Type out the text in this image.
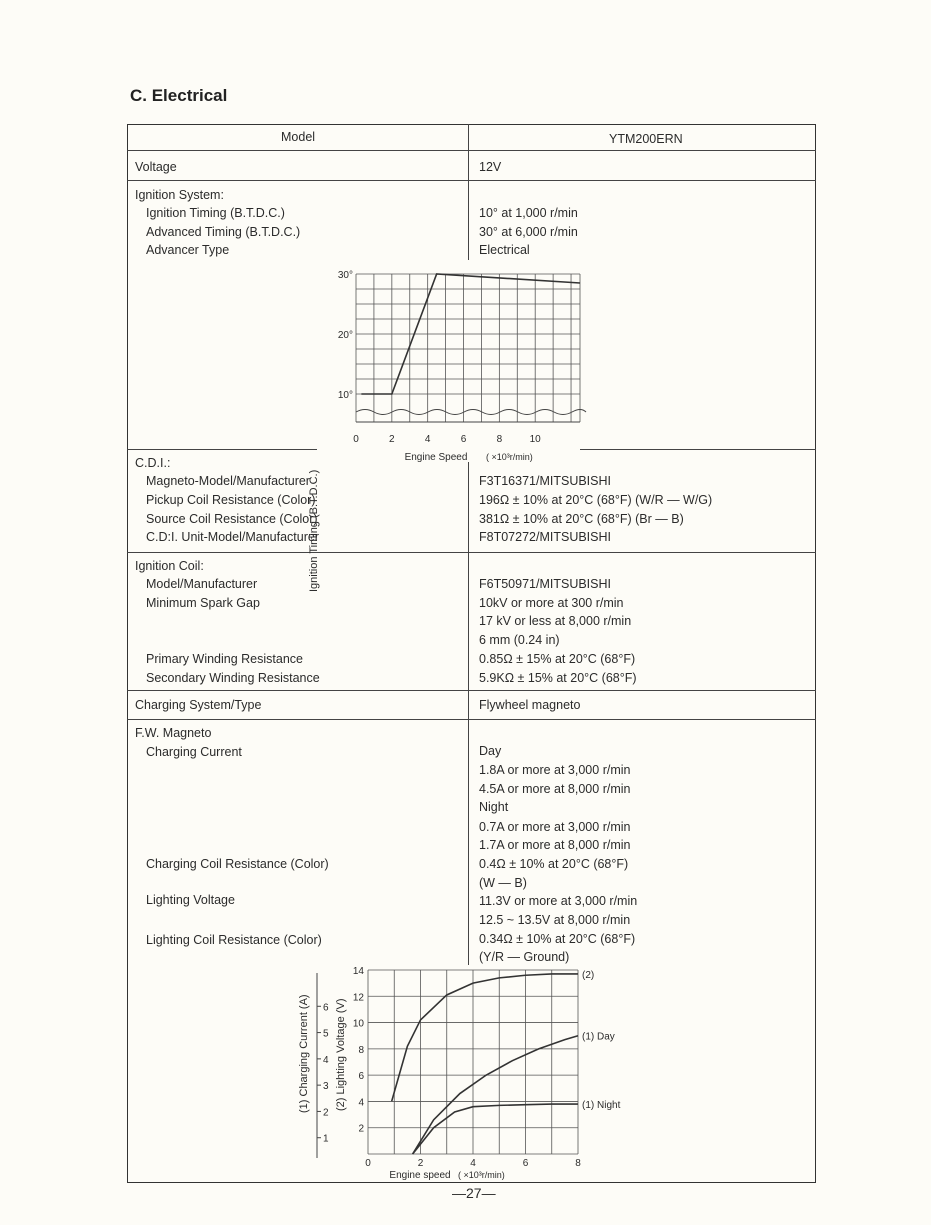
C. Electrical
Model	YTM200ERN
Voltage	12V
Ignition System:
Ignition Timing (B.T.D.C.)	10° at 1,000 r/min
Advanced Timing (B.T.D.C.)	30° at 6,000 r/min
Advancer Type	Electrical
10°
20°
30°
0	2	4	6	8	10
Engine Speed ( ×10³r/min)
Ignition Timing (B.T.D.C.)
C.D.I.:
Magneto-Model/Manufacturer	F3T16371/MITSUBISHI
Pickup Coil Resistance (Color)	196Ω ± 10% at 20°C (68°F) (W/R — W/G)
Source Coil Resistance (Color)	381Ω ± 10% at 20°C (68°F) (Br — B)
C.D:I. Unit-Model/Manufacturer	F8T07272/MITSUBISHI
Ignition Coil:
Model/Manufacturer	F6T50971/MITSUBISHI
Minimum Spark Gap	10kV or more at 300 r/min
17 kV or less at 8,000 r/min
6 mm (0.24 in)
Primary Winding Resistance	0.85Ω ± 15% at 20°C (68°F)
Secondary Winding Resistance	5.9KΩ ± 15% at 20°C (68°F)
Charging System/Type	Flywheel magneto
F.W. Magneto
Charging Current	Day
1.8A or more at 3,000 r/min
4.5A or more at 8,000 r/min
Night
0.7A or more at 3,000 r/min
1.7A or more at 8,000 r/min
Charging Coil Resistance (Color)	0.4Ω ± 10% at 20°C (68°F)
(W — B)
Lighting Voltage	11.3V or more at 3,000 r/min
12.5 ~ 13.5V at 8,000 r/min
Lighting Coil Resistance (Color)	0.34Ω ± 10% at 20°C (68°F)
(Y/R — Ground)
2
4
6
8
10
12
14
1
2
3
4
5
6
0	2	4	6	8
Engine speed ( ×10³r/min)
(2)
(1) Day
(1) Night
(1) Charging Current (A) (2) Lighting Voltage (V)
—27—
